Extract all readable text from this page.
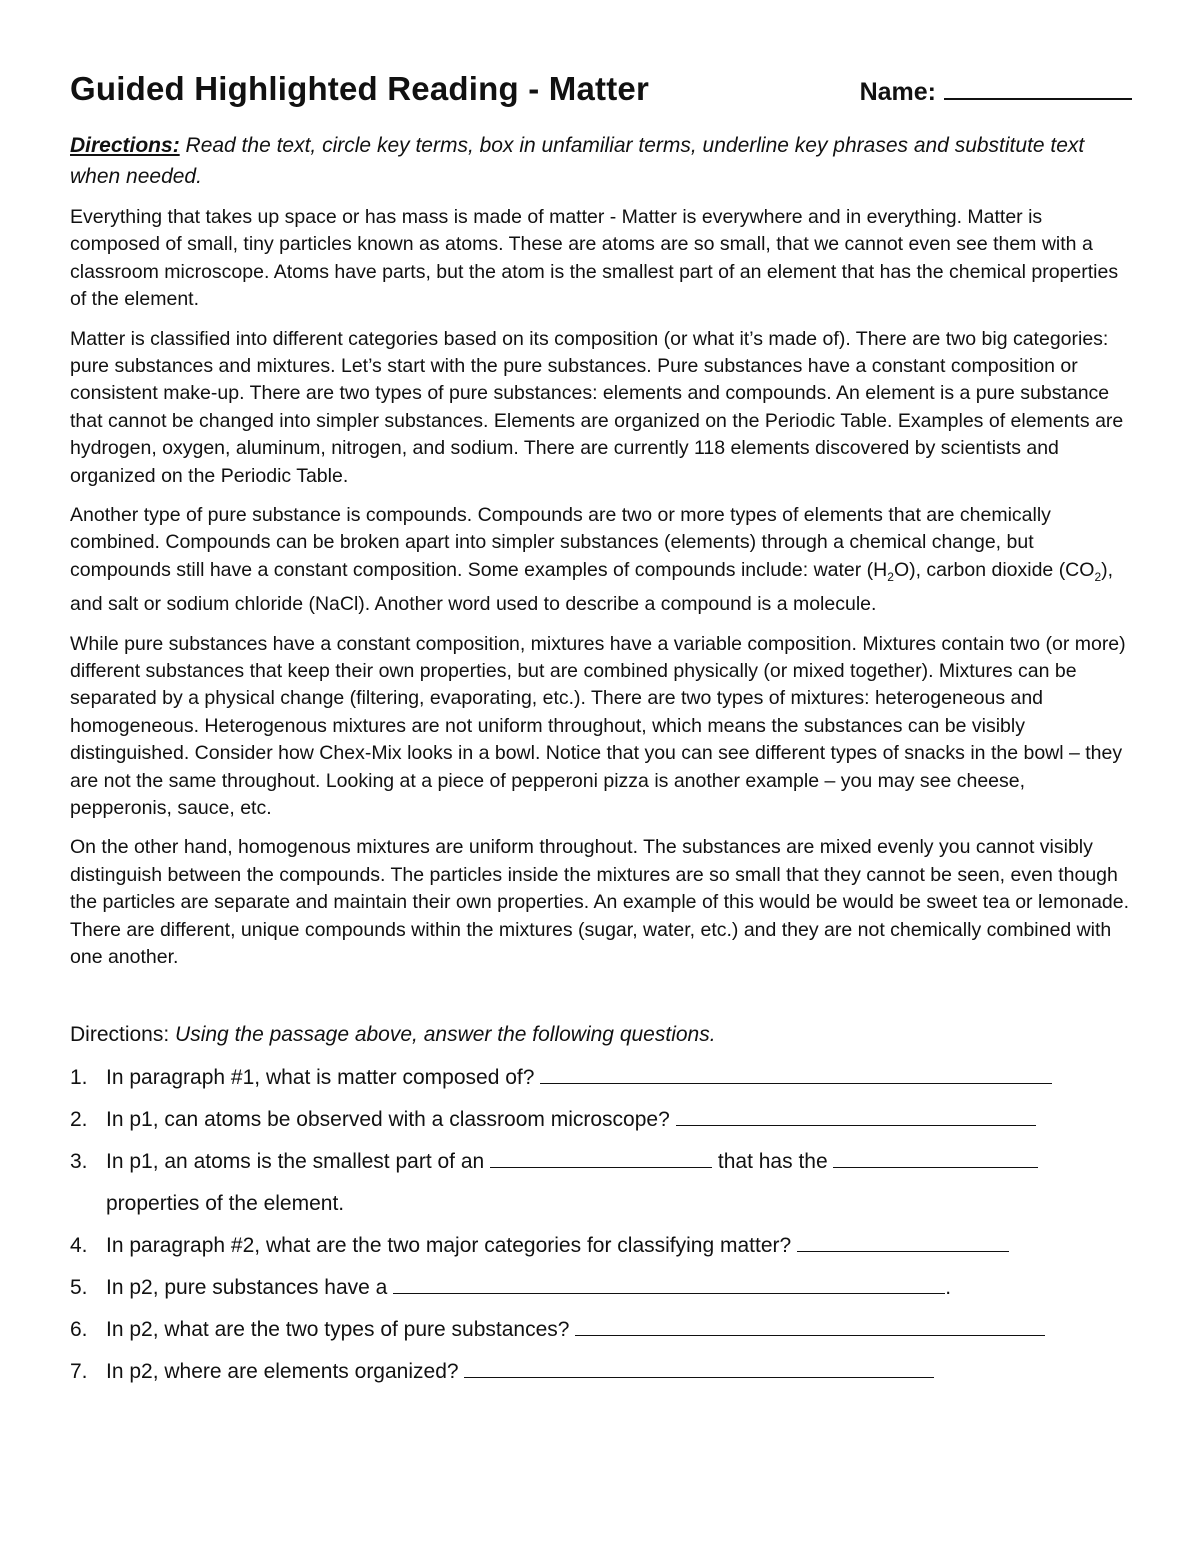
Guided Highlighted Reading - Matter	Name:
Directions: Read the text, circle key terms, box in unfamiliar terms, underline key phrases and substitute text when needed.

Everything that takes up space or has mass is made of matter - Matter is everywhere and in everything. Matter is composed of small, tiny particles known as atoms. These are atoms are so small, that we cannot even see them with a classroom microscope. Atoms have parts, but the atom is the smallest part of an element that has the chemical properties of the element.

Matter is classified into different categories based on its composition (or what it’s made of). There are two big categories: pure substances and mixtures. Let’s start with the pure substances. Pure substances have a constant composition or consistent make-up. There are two types of pure substances: elements and compounds. An element is a pure substance that cannot be changed into simpler substances. Elements are organized on the Periodic Table. Examples of elements are hydrogen, oxygen, aluminum, nitrogen, and sodium. There are currently 118 elements discovered by scientists and organized on the Periodic Table.

Another type of pure substance is compounds. Compounds are two or more types of elements that are chemically combined. Compounds can be broken apart into simpler substances (elements) through a chemical change, but compounds still have a constant composition. Some examples of compounds include: water $(H_2O)$, carbon dioxide $(CO_2)$, and salt or sodium chloride (NaCl). Another word used to describe a compound is a molecule.

While pure substances have a constant composition, mixtures have a variable composition. Mixtures contain two (or more) different substances that keep their own properties, but are combined physically (or mixed together). Mixtures can be separated by a physical change (filtering, evaporating, etc.). There are two types of mixtures: heterogeneous and homogeneous. Heterogenous mixtures are not uniform throughout, which means the substances can be visibly distinguished. Consider how Chex-Mix looks in a bowl. Notice that you can see different types of snacks in the bowl – they are not the same throughout. Looking at a piece of pepperoni pizza is another example – you may see cheese, pepperonis, sauce, etc.

On the other hand, homogenous mixtures are uniform throughout. The substances are mixed evenly you cannot visibly distinguish between the compounds. The particles inside the mixtures are so small that they cannot be seen, even though the particles are separate and maintain their own properties. An example of this would be would be sweet tea or lemonade. There are different, unique compounds within the mixtures (sugar, water, etc.) and they are not chemically combined with one another.

Directions: Using the passage above, answer the following questions.
1. In paragraph #1, what is matter composed of?
2. In p1, can atoms be observed with a classroom microscope?
3. In p1, an atoms is the smallest part of an	that has the
properties of the element.
4. In paragraph #2, what are the two major categories for classifying matter?
5. In p2, pure substances have a	.
6. In p2, what are the two types of pure substances?
7. In p2, where are elements organized?
